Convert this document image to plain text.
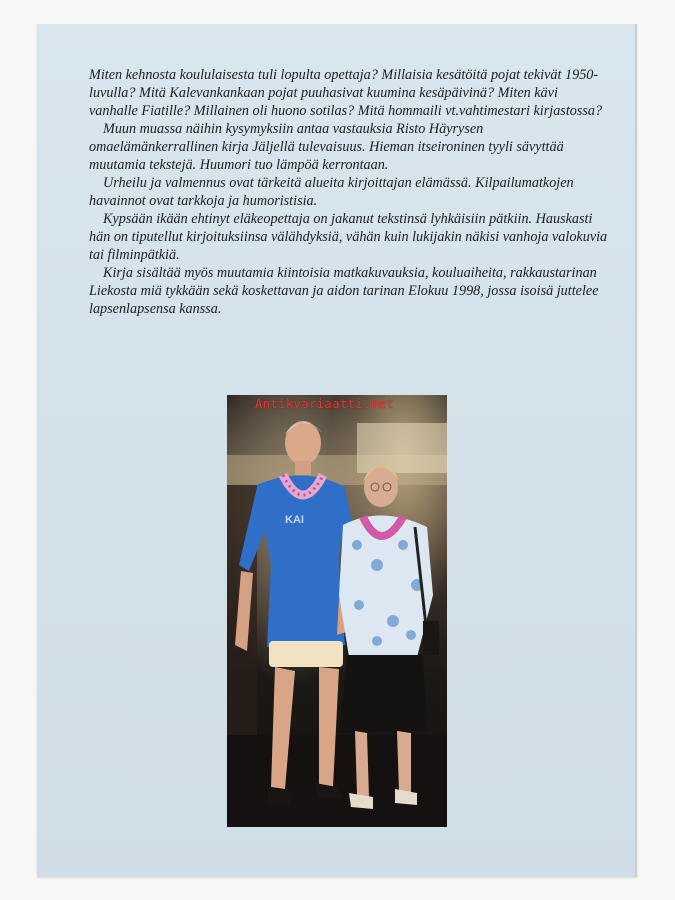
Miten kehnosta koululaisesta tuli lopulta opettaja? Millaisia kesätöitä pojat tekivät 1950-luvulla? Mitä Kalevankankaan pojat puuhasivat kuumina kesäpäivinä? Miten kävi vanhalle Fiatille? Millainen oli huono sotilas? Mitä hommaili vt.vahtimestari kirjastossa?

Muun muassa näihin kysymyksiin antaa vastauksia Risto Häyrysen omaelämänkerrallinen kirja Jäljellä tulevaisuus. Hieman itseironinen tyyli sävyttää muutamia tekstejä. Huumori tuo lämpöä kerrontaan.

Urheilu ja valmennus ovat tärkeitä alueita kirjoittajan elämässä. Kilpailumatkojen havainnot ovat tarkkoja ja humoristisia.

Kypsään ikään ehtinyt eläkeopettaja on jakanut tekstinsä lyhkäisiin pätkiin. Hauskasti hän on tiputellut kirjoituksiinsa välähdyksiä, vähän kuin lukijakin näkisi vanhoja valokuvia tai filminpätkiä.

Kirja sisältää myös muutamia kiintoisia matkakuvauksia, kouluaiheita, rakkaustarinan Liekosta miä tykkään sekä koskettavan ja aidon tarinan Elokuu 1998, jossa isoisä juttelee lapsenlapsensa kanssa.

KAI
Antikvariaatti.net
